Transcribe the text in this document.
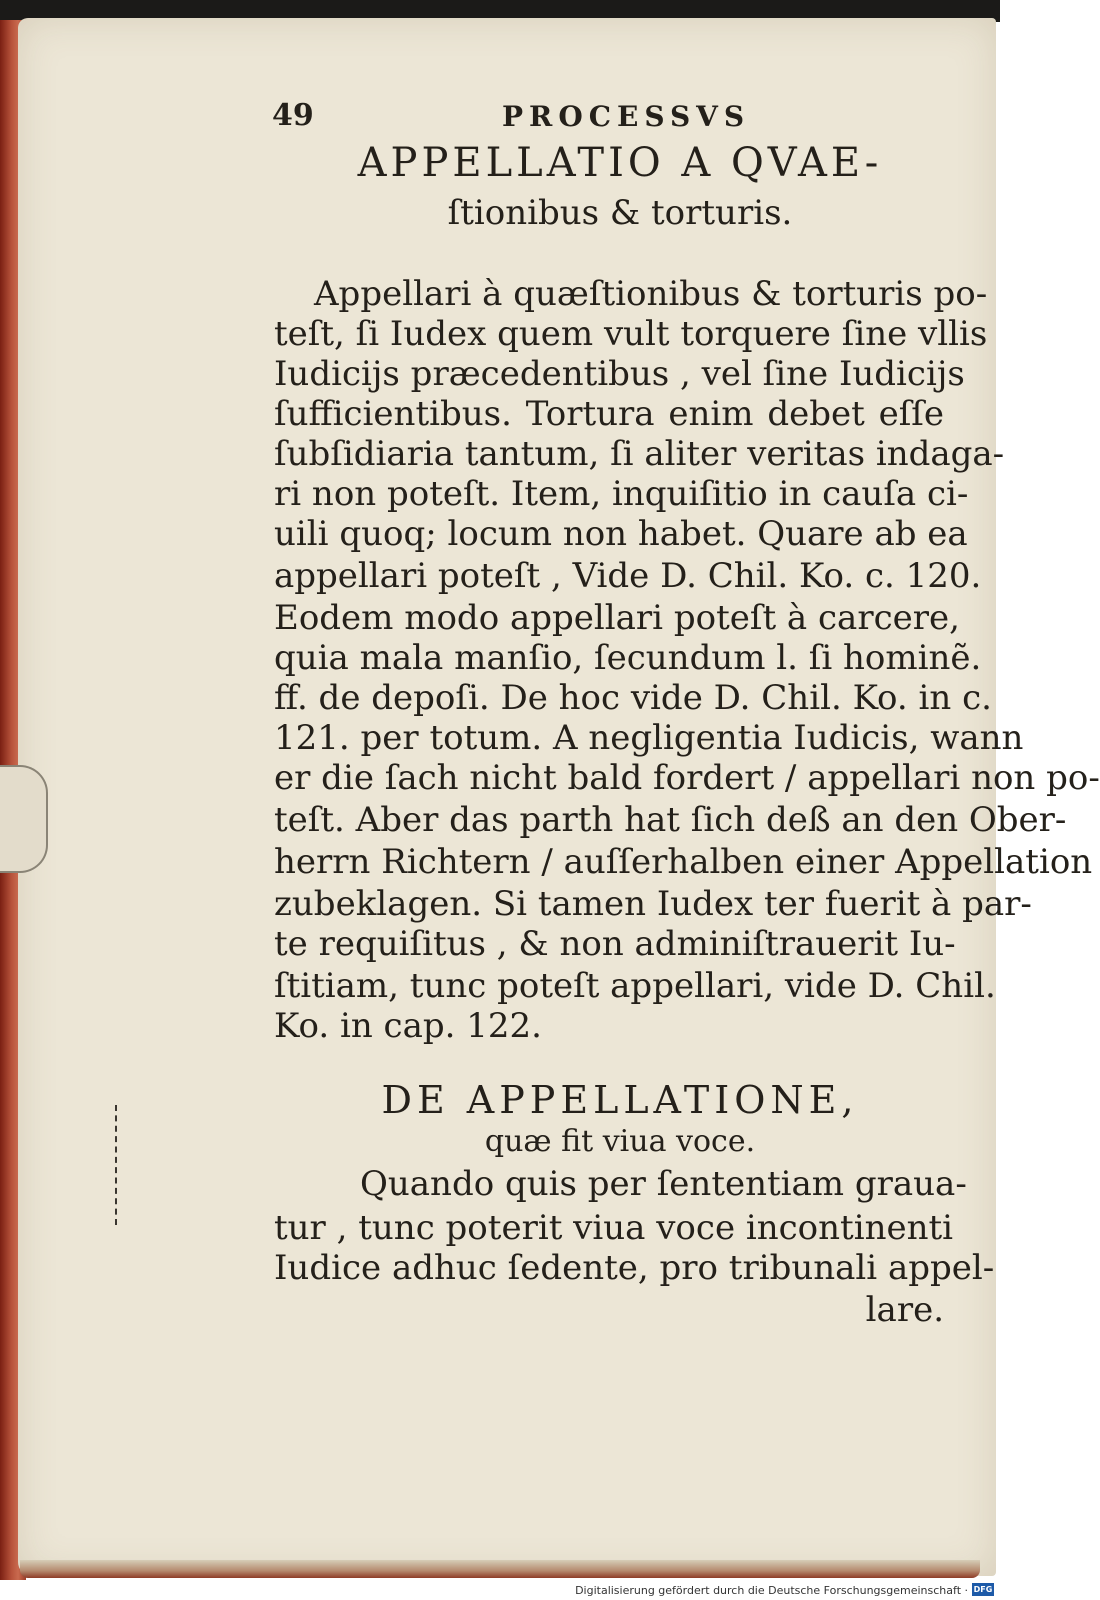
49	PROCESSVS
APPELLATIO A QVAE-
ſtionibus & torturis.
Appellari à quæſtionibus & torturis po-
teſt, ſi Iudex quem vult torquere ſine vllis
Iudicijs præcedentibus , vel ſine Iudicijs
ſufficientibus. Tortura enim debet eſſe
ſubſidiaria tantum, ſi aliter veritas indaga-
ri non poteſt. Item, inquiſitio in cauſa ci-
uili quoq; locum non habet. Quare ab ea
appellari poteſt , Vide D. Chil. Ko. c. 120.
Eodem modo appellari poteſt à carcere,
quia mala manſio, ſecundum l. ſi hominẽ.
ff. de depoſi. De hoc vide D. Chil. Ko. in c.
121. per totum. A negligentia Iudicis, wann
er die ſach nicht bald fordert / appellari non po-
teſt. Aber das parth hat ſich deß an den Ober-
herrn Richtern / auſſerhalben einer Appellation
zubeklagen. Si tamen Iudex ter fuerit à par-
te requiſitus , & non adminiſtrauerit Iu-
ſtitiam, tunc poteſt appellari, vide D. Chil.
Ko. in cap. 122.
DE APPELLATIONE,
quæ fit viua voce.
Quando quis per ſententiam graua-
tur , tunc poterit viua voce incontinenti
Iudice adhuc ſedente, pro tribunali appel-
lare.
Digitalisierung gefördert durch die Deutsche Forschungsgemeinschaft · DFG
